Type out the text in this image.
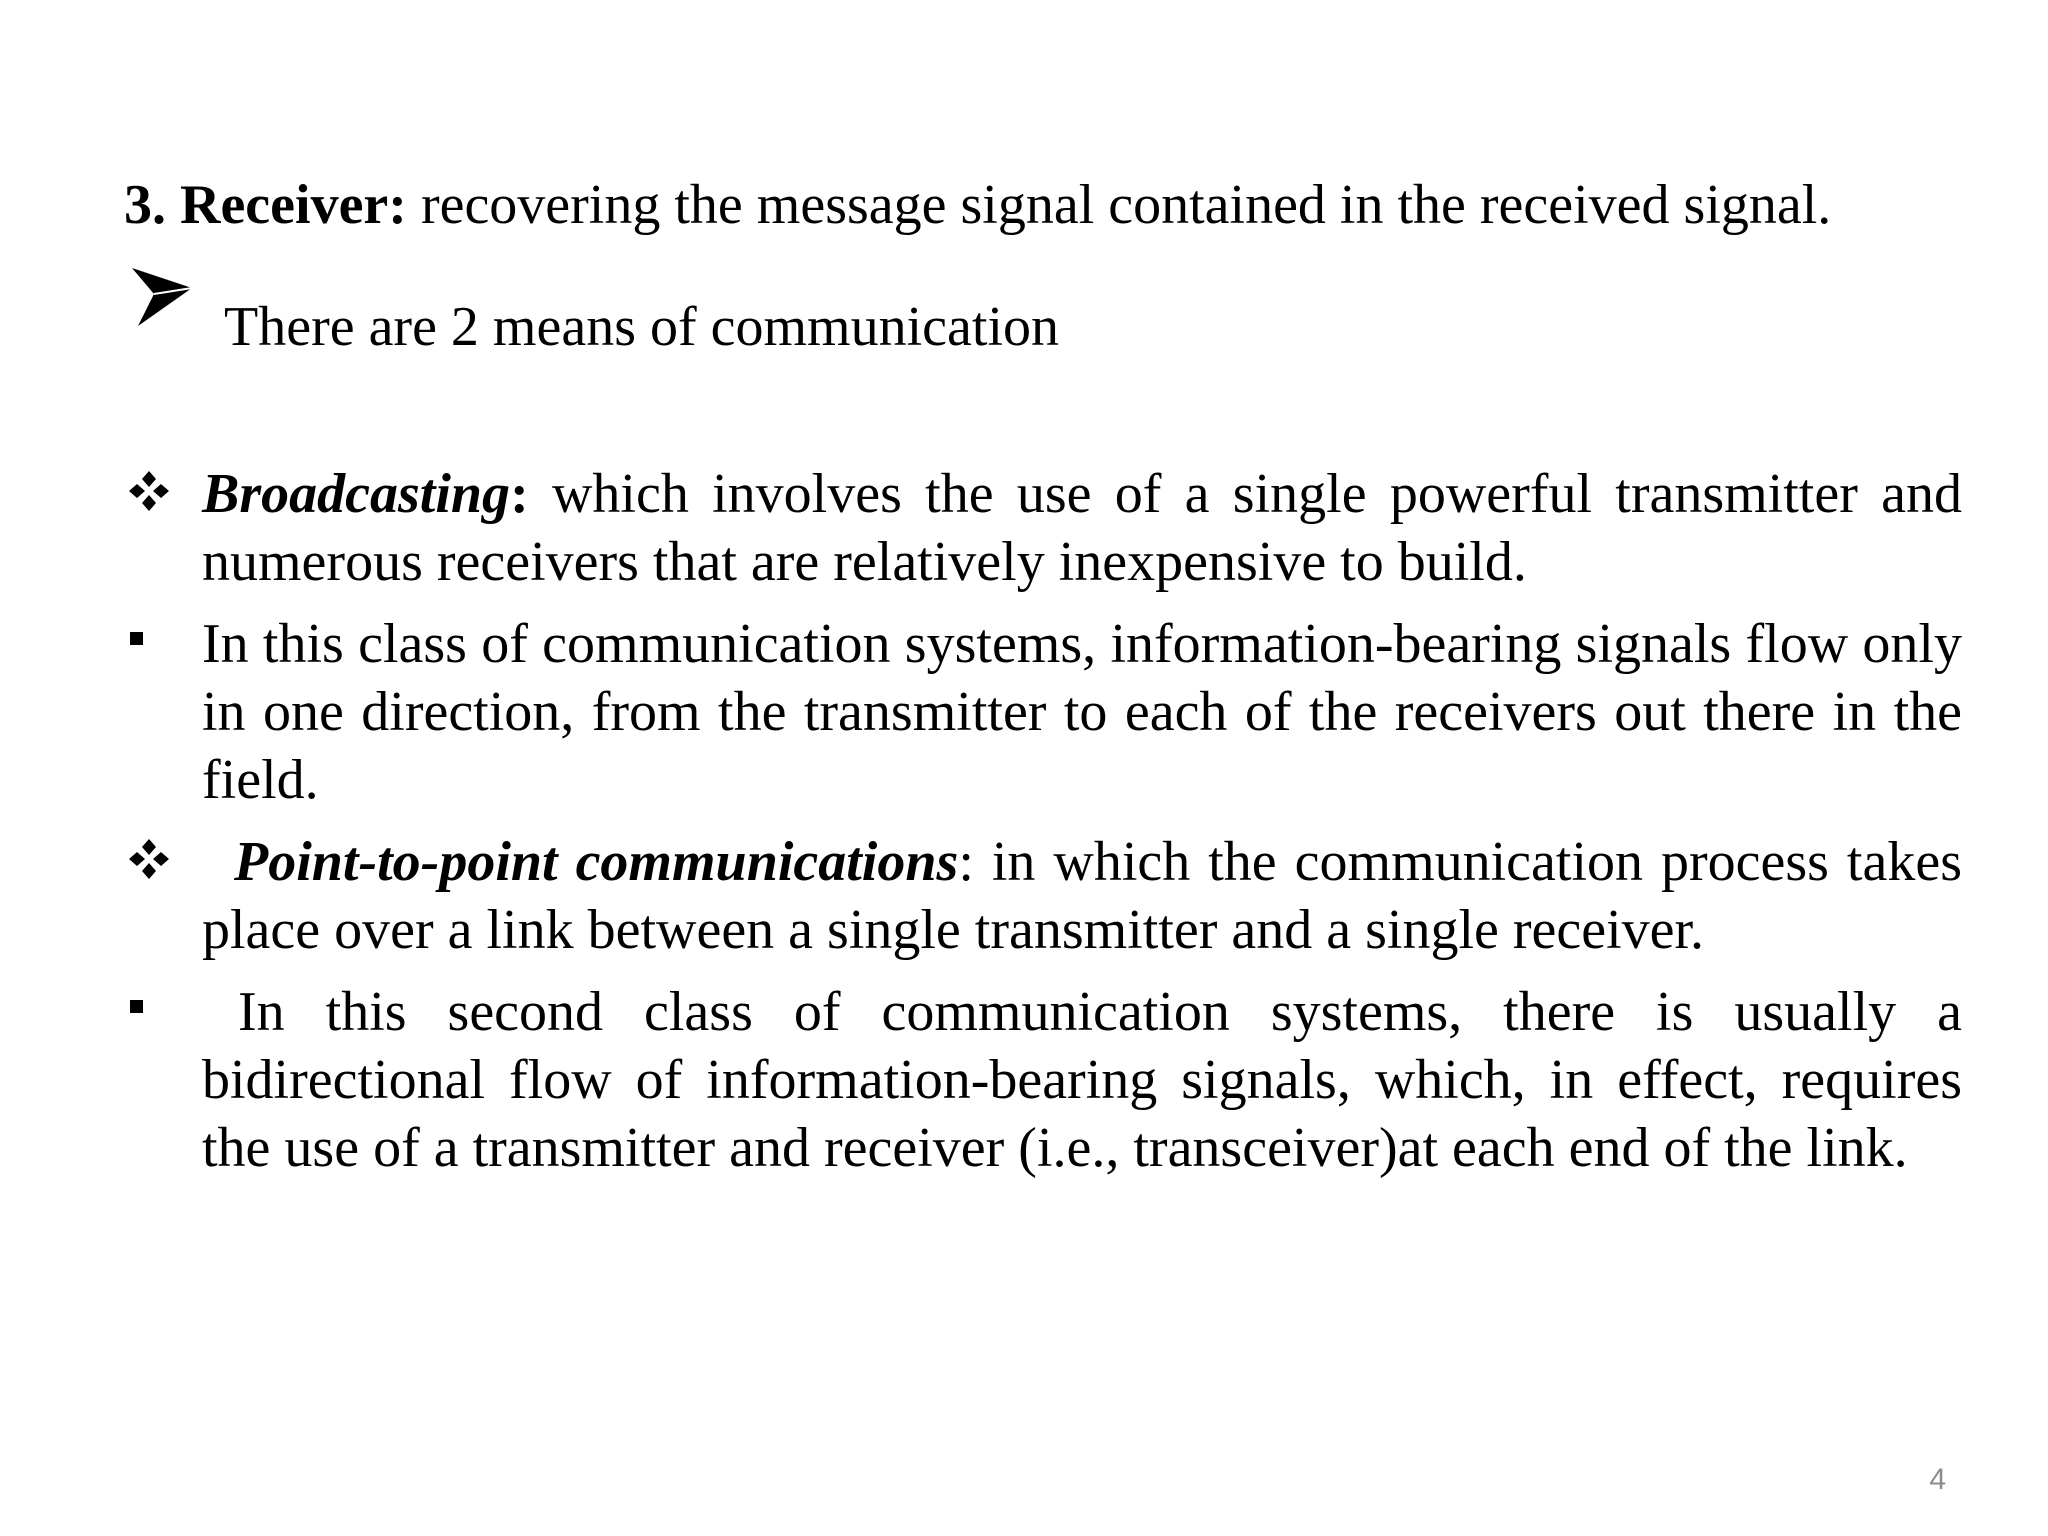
3. Receiver: recovering the message signal contained in the received signal.
There are 2 means of communication
Broadcasting: which involves the use of a single powerful transmitter and numerous receivers that are relatively inexpensive to build.
In this class of communication systems, information-bearing signals flow only in one direction, from the transmitter to each of the receivers out there in the field.
Point-to-point communications: in which the communication process takes place over a link between a single transmitter and a single receiver.
In this second class of communication systems, there is usually a bidirectional flow of information-bearing signals, which, in effect, requires the use of a transmitter and receiver (i.e., transceiver)at each end of the link.
4
